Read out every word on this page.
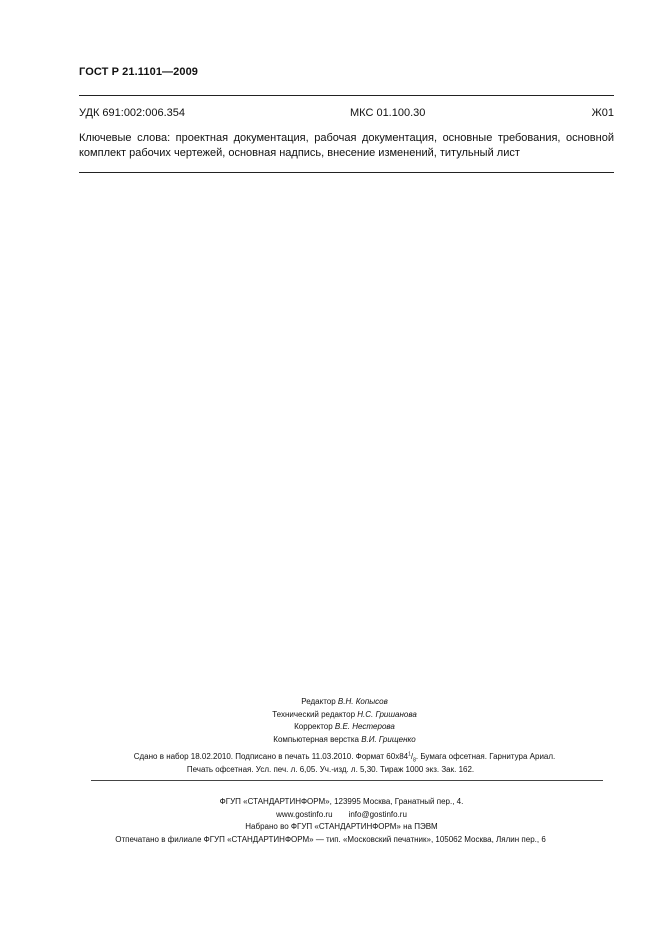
ГОСТ Р 21.1101—2009
УДК 691:002:006.354	МКС 01.100.30	Ж01
Ключевые слова: проектная документация, рабочая документация, основные требования, основной
комплект рабочих чертежей, основная надпись, внесение изменений, титульный лист
Редактор В.Н. Копысов
Технический редактор Н.С. Гришанова
Корректор В.Е. Нестерова
Компьютерная верстка В.И. Грищенко
Сдано в набор 18.02.2010. Подписано в печать 11.03.2010. Формат $60x84^1/_8$. Бумага офсетная. Гарнитура Ариал.
Печать офсетная. Усл. печ. л. 6,05. Уч.-изд. л. 5,30. Тираж 1000 экз. Зак. 162.
ФГУП «СТАНДАРТИНФОРМ», 123995 Москва, Гранатный пер., 4.
www.gostinfo.ru info@gostinfo.ru
Набрано во ФГУП «СТАНДАРТИНФОРМ» на ПЭВМ
Отпечатано в филиале ФГУП «СТАНДАРТИНФОРМ» — тип. «Московский печатник», 105062 Москва, Лялин пер., 6
